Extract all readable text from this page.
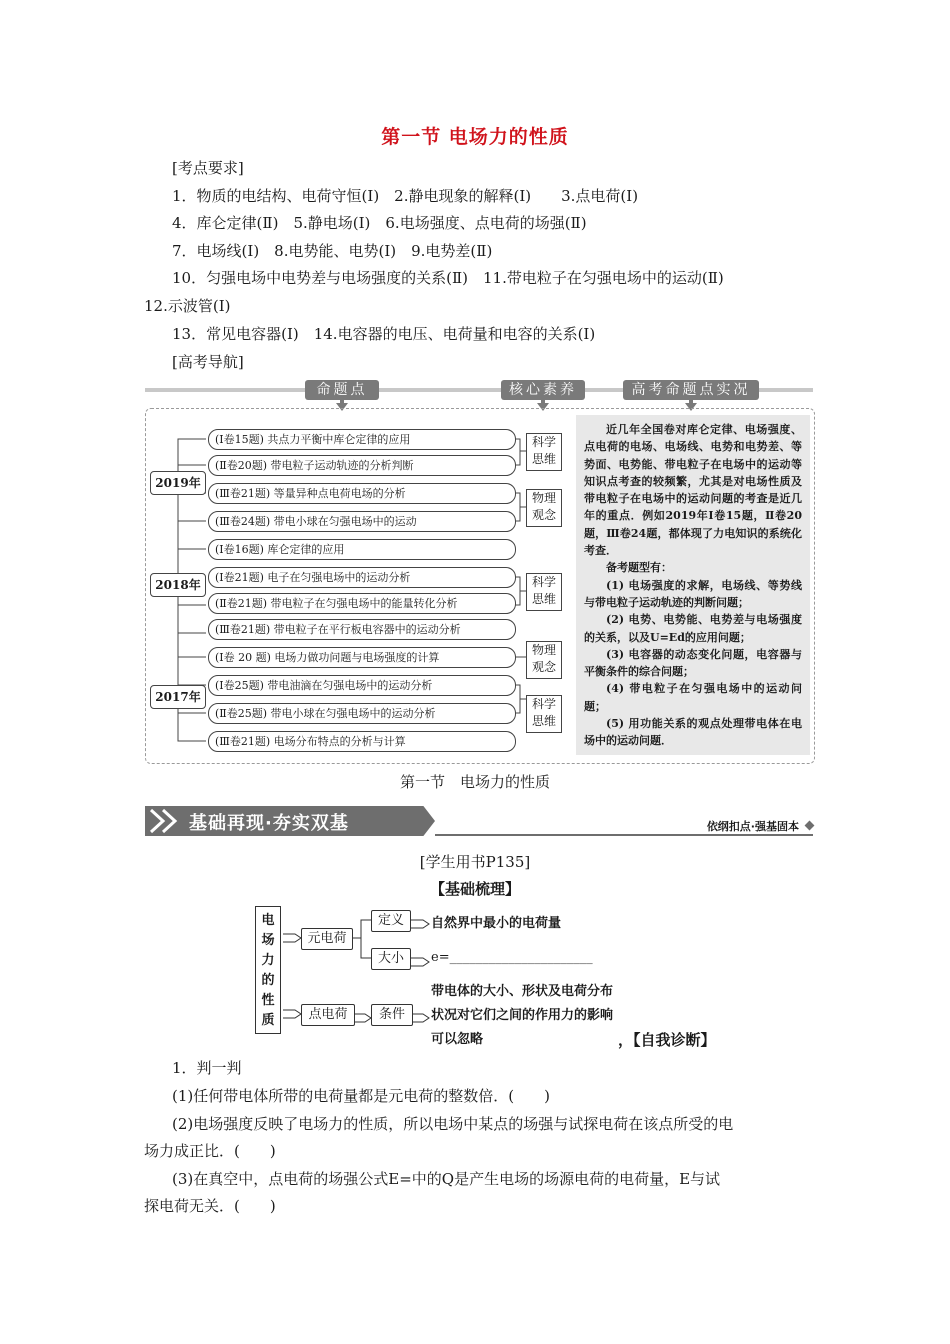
第一节 电场力的性质
[考点要求]
1．物质的电结构、电荷守恒(Ⅰ)　2.静电现象的解释(Ⅰ)　　3.点电荷(Ⅰ)
4．库仑定律(Ⅱ)　5.静电场(Ⅰ)　6.电场强度、点电荷的场强(Ⅱ)
7．电场线(Ⅰ)　8.电势能、电势(Ⅰ)　9.电势差(Ⅱ)
10．匀强电场中电势差与电场强度的关系(Ⅱ)　11.带电粒子在匀强电场中的运动(Ⅱ)
12.示波管(Ⅰ)
13．常见电容器(Ⅰ)　14.电容器的电压、电荷量和电容的关系(Ⅰ)
[高考导航]
命题点	核心素养	高考命题点实况
2019年
2018年
2017年
(Ⅰ卷15题) 共点力平衡中库仑定律的应用
(Ⅱ卷20题) 带电粒子运动轨迹的分析判断
(Ⅲ卷21题) 等量异种点电荷电场的分析
(Ⅲ卷24题) 带电小球在匀强电场中的运动
(Ⅰ卷16题) 库仑定律的应用
(Ⅰ卷21题) 电子在匀强电场中的运动分析
(Ⅱ卷21题) 带电粒子在匀强电场中的能量转化分析
(Ⅲ卷21题) 带电粒子在平行板电容器中的运动分析
(Ⅰ卷 20 题) 电场力做功问题与电场强度的计算
(Ⅰ卷25题) 带电油滴在匀强电场中的运动分析
(Ⅱ卷25题) 带电小球在匀强电场中的运动分析
(Ⅲ卷21题) 电场分布特点的分析与计算
科学
思维
物理
观念
科学
思维
物理
观念
科学
思维

近几年全国卷对库仑定律、电场强度、点电荷的电场、电场线、电势和电势差、等势面、电势能、带电粒子在电场中的运动等知识点考查的较频繁，尤其是对电场性质及带电粒子在电场中的运动问题的考查是近几年的重点．例如2019年Ⅰ卷15题，Ⅱ卷20题，Ⅲ卷24题，都体现了力电知识的系统化考查．

备考题型有：

(1) 电场强度的求解，电场线、等势线与带电粒子运动轨迹的判断问题；

(2) 电势、电势能、电势差与电场强度的关系，以及U=Ed的应用问题；

(3) 电容器的动态变化问题，电容器与平衡条件的综合问题；

(4) 带电粒子在匀强电场中的运动问题；

(5) 用功能关系的观点处理带电体在电场中的运动问题．

第一节　电场力的性质
基础再现·夯实双基	依纲扣点·强基固本
[学生用书P135]
【基础梳理】
电
场
力
的
性
质
元电荷
定义
大小
点电荷	条件
自然界中最小的电荷量
e=______________________
带电体的大小、形状及电荷分布
状况对它们之间的作用力的影响
可以忽略	，【自我诊断】
1．判一判
(1)任何带电体所带的电荷量都是元电荷的整数倍．(　　)
(2)电场强度反映了电场力的性质，所以电场中某点的场强与试探电荷在该点所受的电
场力成正比．(　　)
(3)在真空中，点电荷的场强公式E=中的Q是产生电场的场源电荷的电荷量，E与试
探电荷无关．(　　)
